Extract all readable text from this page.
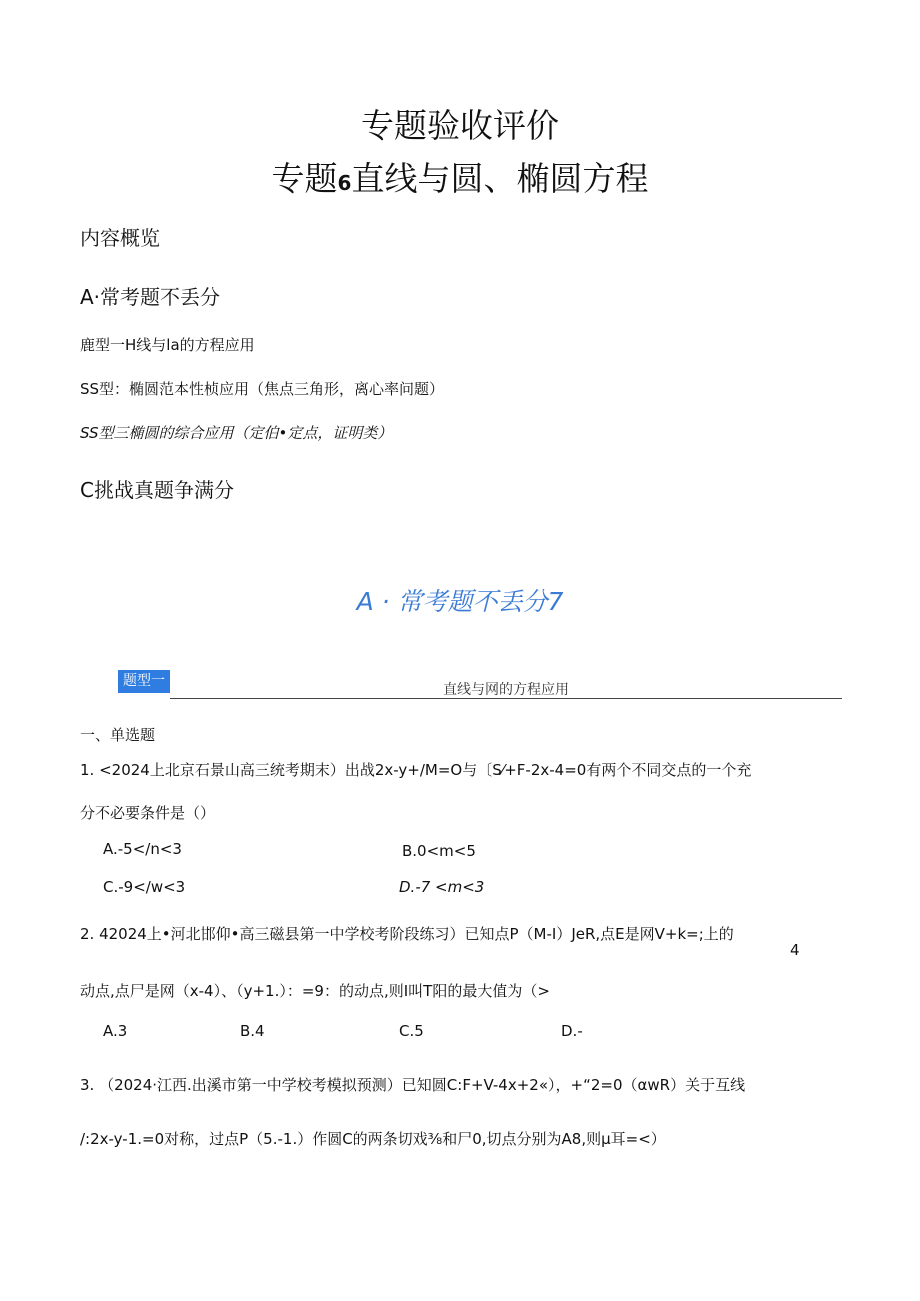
专题验收评价
专题6直线与圆、椭圆方程
内容概览
A·常考题不丢分
鹿型一H线与la的方程应用
SS型：椭圆范本性桢应用（焦点三角形，离心率问题）
SS型三椭圆的综合应用（定伯•定点，证明类）
C挑战真题争满分
A · 常考题不丢分7
题型一
直线与网的方程应用
一、单选题
1. <2024上北京石景山高三统考期末）出战2x-y+/M=O与〔S⁄+F-2x-4=0有两个不同交点的一个充
分不必要条件是（）
A.-5</n<3	B.0<m<5
C.-9</w<3	D.-7 <m<3
2. 42024上•河北邯仰•高三磁县第一中学校考阶段练习）已知点P（M-I）JeR,点E是网V+k=;上的
4
动点,点尸是网（x-4）、（y+1.）：=9：的动点,则I叫T阳的最大值为（>
A.3	B.4	C.5	D.-
3. （2024·江西.出溪市第一中学校考模拟预测）已知圆C:F+V-4x+2«），+“2=0（αwR）关于互线
/:2x-y-1.=0对称，过点P（5.-1.）作圆C的两条切戏⅜和尸0,切点分别为A8,则μ耳=<）
